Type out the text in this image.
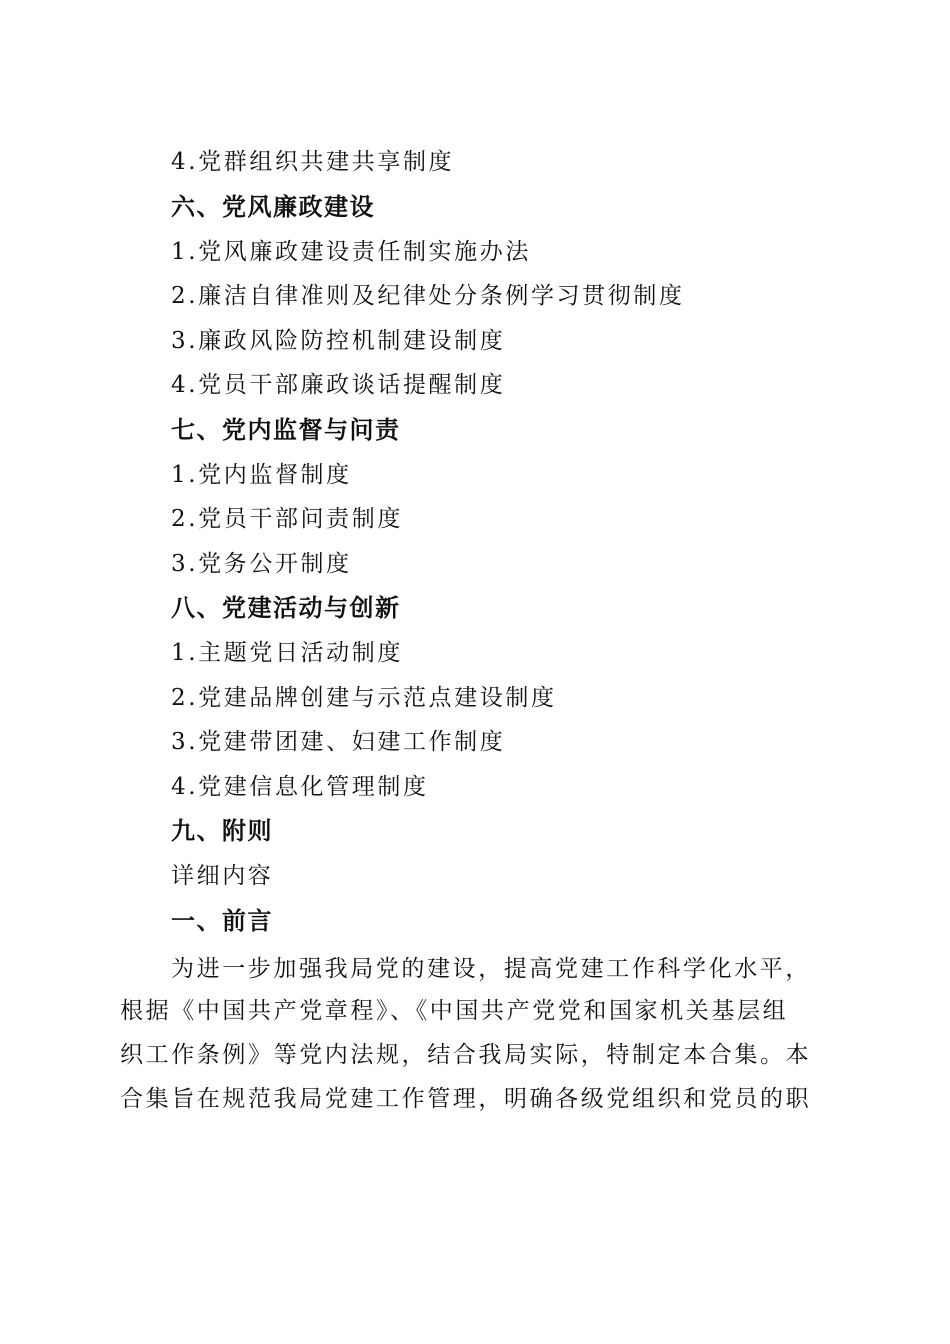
4.党群组织共建共享制度
六、党风廉政建设
1.党风廉政建设责任制实施办法
2.廉洁自律准则及纪律处分条例学习贯彻制度
3.廉政风险防控机制建设制度
4.党员干部廉政谈话提醒制度
七、党内监督与问责
1.党内监督制度
2.党员干部问责制度
3.党务公开制度
八、党建活动与创新
1.主题党日活动制度
2.党建品牌创建与示范点建设制度
3.党建带团建、妇建工作制度
4.党建信息化管理制度
九、附则
详细内容
一、前言
为进一步加强我局党的建设，提高党建工作科学化水平，
根据《中国共产党章程》、《中国共产党党和国家机关基层组
织工作条例》等党内法规，结合我局实际，特制定本合集。本
合集旨在规范我局党建工作管理，明确各级党组织和党员的职
